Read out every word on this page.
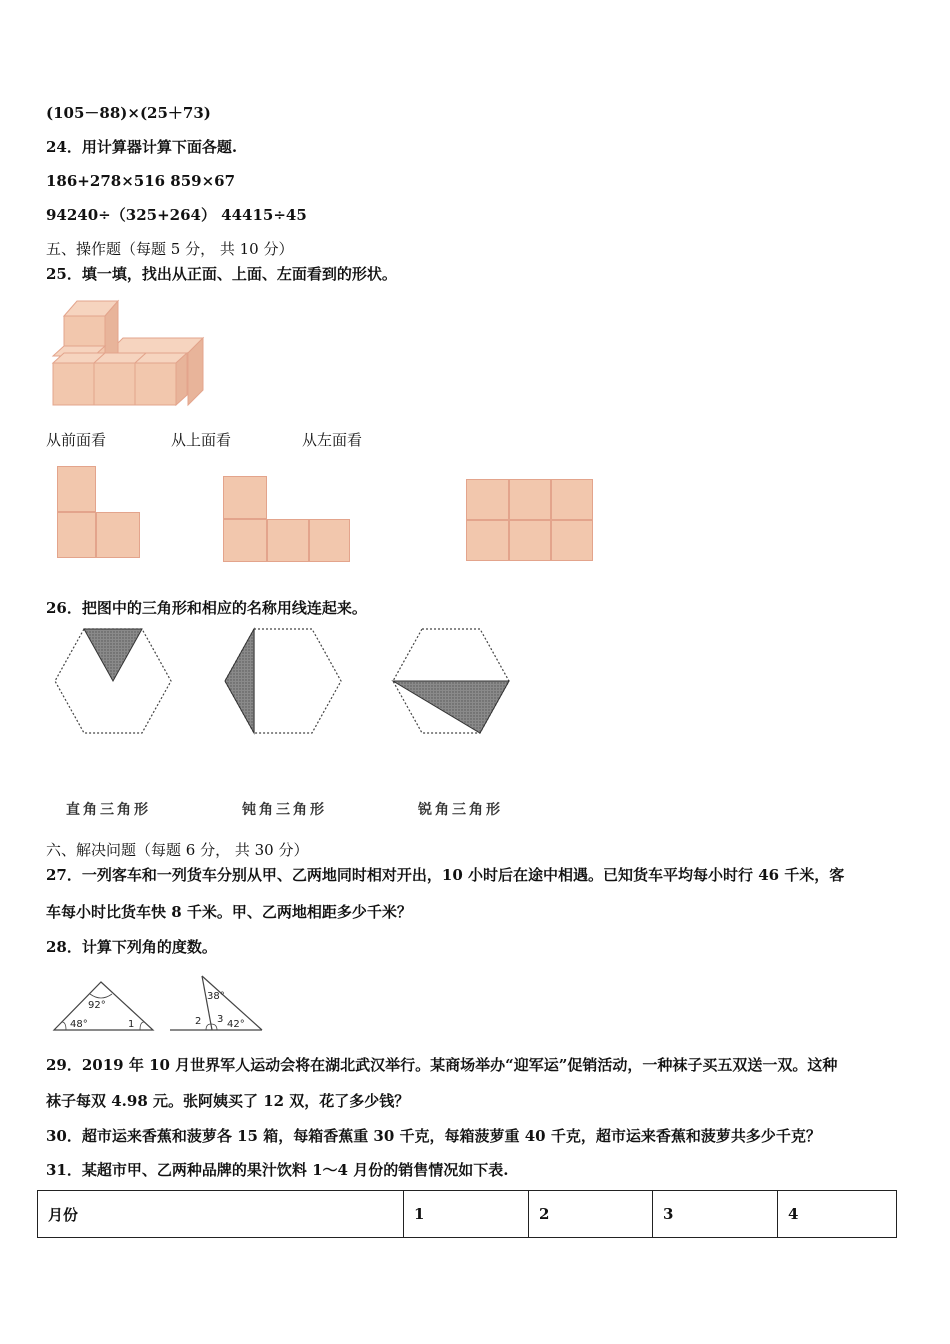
(105－88)×(25＋73)
24．用计算器计算下面各题.
186+278×516 859×67
94240÷（325+264） 44415÷45
五、操作题（每题 5 分， 共 10 分）
25．填一填，找出从正面、上面、左面看到的形状。
从前面看	从上面看	从左面看
26．把图中的三角形和相应的名称用线连起来。
直角三角形	钝角三角形	锐角三角形
六、解决问题（每题 6 分， 共 30 分）
27．一列客车和一列货车分别从甲、乙两地同时相对开出，10 小时后在途中相遇。已知货车平均每小时行 46 千米，客
车每小时比货车快 8 千米。甲、乙两地相距多少千米？
28．计算下列角的度数。
92°
48°	1
38°
2 3 42°
29．2019 年 10 月世界军人运动会将在湖北武汉举行。某商场举办“迎军运”促销活动，一种袜子买五双送一双。这种
袜子每双 4.98 元。张阿姨买了 12 双，花了多少钱？
30．超市运来香蕉和菠萝各 15 箱，每箱香蕉重 30 千克，每箱菠萝重 40 千克，超市运来香蕉和菠萝共多少千克？
31．某超市甲、乙两种品牌的果汁饮料 1～4 月份的销售情况如下表.
月份	1	2	3	4
